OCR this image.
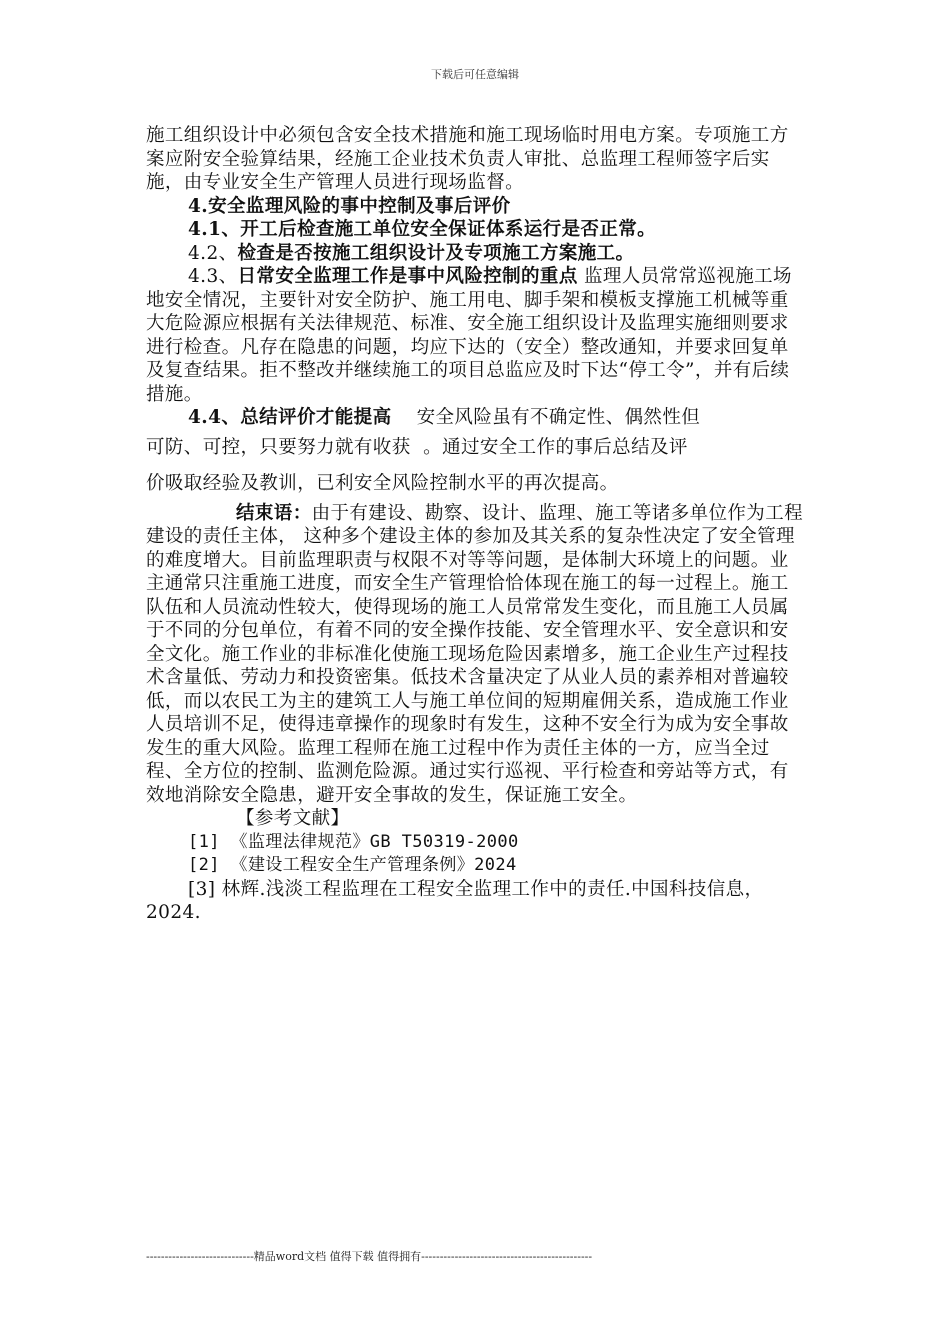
下载后可任意编辑

施工组织设计中必须包含安全技术措施和施工现场临时用电方案。专项施工方案应附安全验算结果，经施工企业技术负责人审批、总监理工程师签字后实施，由专业安全生产管理人员进行现场监督。

4.安全监理风险的事中控制及事后评价

4.1、开工后检查施工单位安全保证体系运行是否正常。

4.2、检查是否按施工组织设计及专项施工方案施工。

4.3、日常安全监理工作是事中风险控制的重点 监理人员常常巡视施工场地安全情况，主要针对安全防护、施工用电、脚手架和模板支撑施工机械等重大危险源应根据有关法律规范、标准、安全施工组织设计及监理实施细则要求进行检查。凡存在隐患的问题，均应下达的（安全）整改通知，并要求回复单及复查结果。拒不整改并继续施工的项目总监应及时下达“停工令”，并有后续措施。

4.4、总结评价才能提高    安全风险虽有不确定性、偶然性但

可防、可控，只要努力就有收获  。通过安全工作的事后总结及评

价吸取经验及教训，已利安全风险控制水平的再次提高。

结束语：由于有建设、勘察、设计、监理、施工等诸多单位作为工程建设的责任主体， 这种多个建设主体的参加及其关系的复杂性决定了安全管理的难度增大。目前监理职责与权限不对等等问题，是体制大环境上的问题。业主通常只注重施工进度，而安全生产管理恰恰体现在施工的每一过程上。施工队伍和人员流动性较大，使得现场的施工人员常常发生变化，而且施工人员属于不同的分包单位，有着不同的安全操作技能、安全管理水平、安全意识和安全文化。施工作业的非标准化使施工现场危险因素增多，施工企业生产过程技术含量低、劳动力和投资密集。低技术含量决定了从业人员的素养相对普遍较低，而以农民工为主的建筑工人与施工单位间的短期雇佣关系，造成施工作业人员培训不足，使得违章操作的现象时有发生，这种不安全行为成为安全事故发生的重大风险。监理工程师在施工过程中作为责任主体的一方，应当全过程、全方位的控制、监测危险源。通过实行巡视、平行检查和旁站等方式，有效地消除安全隐患，避开安全事故的发生，保证施工安全。

【参考文献】

[1] 《监理法律规范》GB T50319-2000

[2] 《建设工程安全生产管理条例》2024

[3] 林辉.浅淡工程监理在工程安全监理工作中的责任.中国科技信息，2024.

-----------------------------精品word文档 值得下载 值得拥有----------------------------------------------
